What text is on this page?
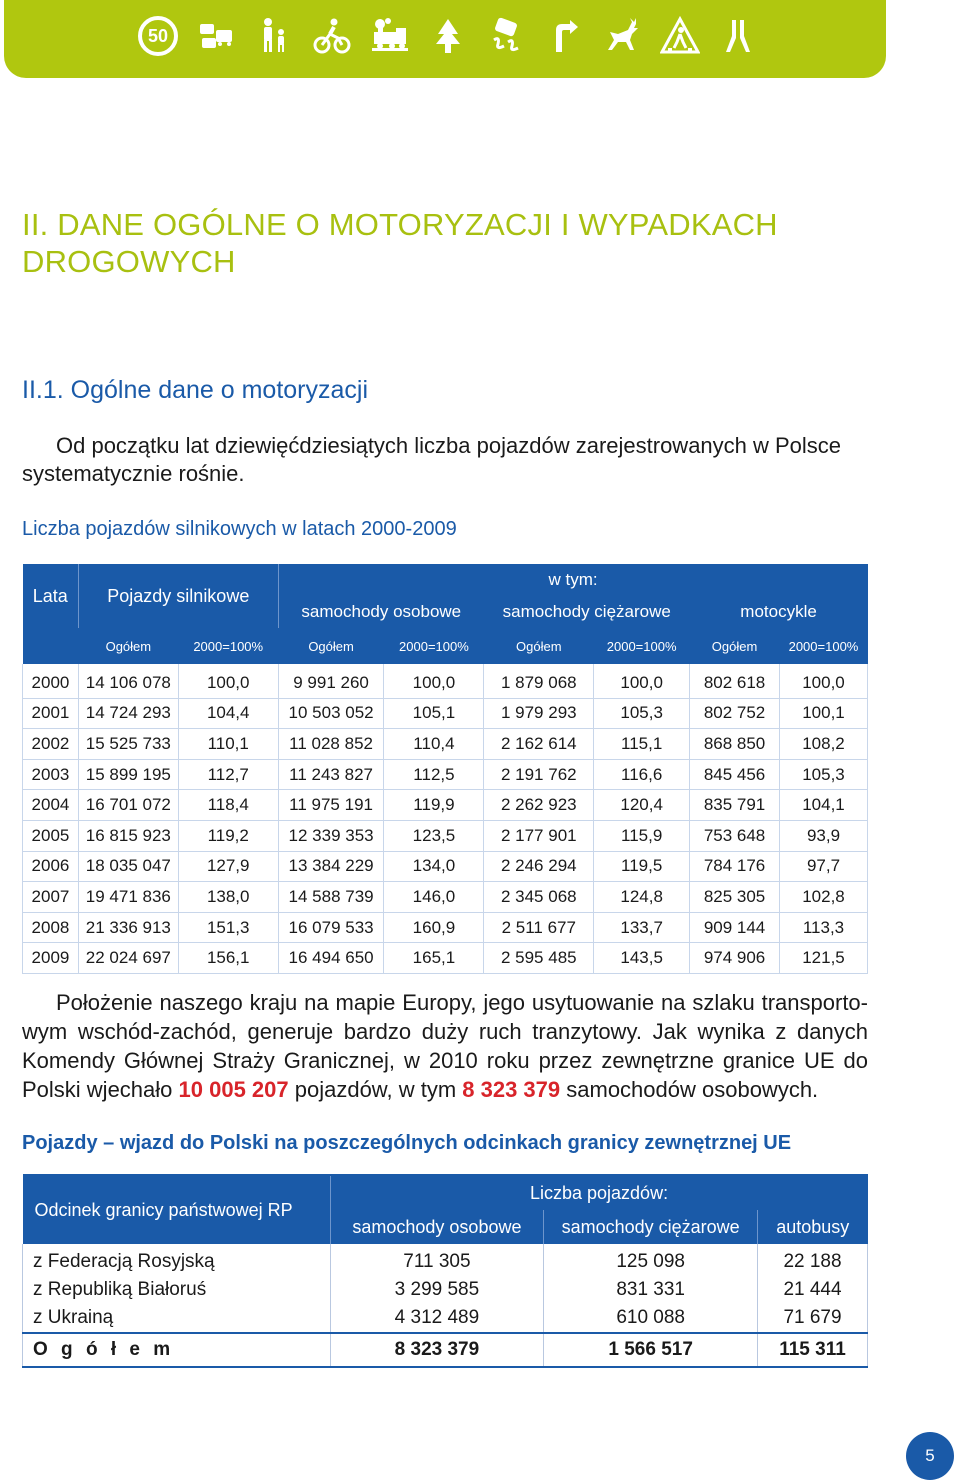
50
II. DANE OGÓLNE O MOTORYZACJI I WYPADKACH DROGOWYCH
II.1. Ogólne dane o motoryzacji

Od początku lat dziewięćdziesiątych liczba pojazdów zarejestrowanych w Polsce systematycznie rośnie.

Liczba pojazdów silnikowych w latach 2000-2009

Lata	Pojazdy silnikowe		w tym:					
			samochody osobowe		samochody ciężarowe		motocykle	
	Ogółem	2000=100%	Ogółem	2000=100%	Ogółem	2000=100%	Ogółem	2000=100%
2000	14 106 078	100,0	9 991 260	100,0	1 879 068	100,0	802 618	100,0
2001	14 724 293	104,4	10 503 052	105,1	1 979 293	105,3	802 752	100,1
2002	15 525 733	110,1	11 028 852	110,4	2 162 614	115,1	868 850	108,2
2003	15 899 195	112,7	11 243 827	112,5	2 191 762	116,6	845 456	105,3
2004	16 701 072	118,4	11 975 191	119,9	2 262 923	120,4	835 791	104,1
2005	16 815 923	119,2	12 339 353	123,5	2 177 901	115,9	753 648	93,9
2006	18 035 047	127,9	13 384 229	134,0	2 246 294	119,5	784 176	97,7
2007	19 471 836	138,0	14 588 739	146,0	2 345 068	124,8	825 305	102,8
2008	21 336 913	151,3	16 079 533	160,9	2 511 677	133,7	909 144	113,3
2009	22 024 697	156,1	16 494 650	165,1	2 595 485	143,5	974 906	121,5

Położenie naszego kraju na mapie Europy, jego usytuowanie na szlaku transportowym wschód-zachód, generuje bardzo duży ruch tranzytowy. Jak wynika z danych Komendy Głównej Straży Granicznej, w 2010 roku przez zewnętrzne granice UE do Polski wjechało 10 005 207 pojazdów, w tym 8 323 379 samochodów osobowych.

Pojazdy – wjazd do Polski na poszczególnych odcinkach granicy zewnętrznej UE

Odcinek granicy państwowej RP	Liczba pojazdów:		
	samochody osobowe	samochody ciężarowe	autobusy
z Federacją Rosyjską	711 305	125 098	22 188
z Republiką Białoruś	3 299 585	831 331	21 444
z Ukrainą	4 312 489	610 088	71 679
O g ó ł e m	8 323 379	1 566 517	115 311
5
